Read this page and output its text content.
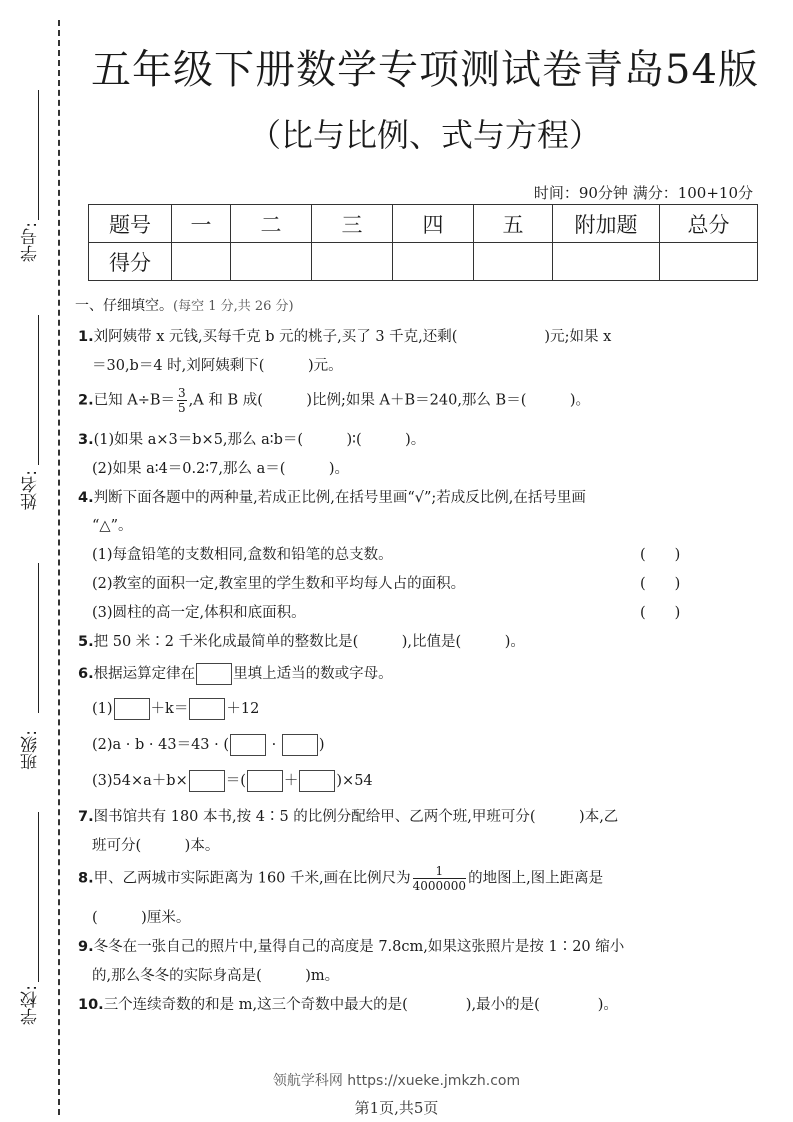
学号:
姓名:
班级:
学校:
五年级下册数学专项测试卷青岛54版
（比与比例、式与方程）
时间：90分钟 满分：100+10分
题号	一	二	三	四	五	附加题	总分
得分							
一、仔细填空。(每空 1 分,共 26 分)
1.刘阿姨带 x 元钱,买每千克 b 元的桃子,买了 3 千克,还剩(　　　　　　)元;如果 x
＝30,b＝4 时,刘阿姨剩下(　　　)元。
2.已知 $A\div B= \frac{3}{5} ,A$ 和 B 成(　　　)比例;如果 A＋B＝240,那么 B＝(　　　)。
3.(1)如果 a×3＝b×5,那么 a∶b＝(　　　)∶(　　　)。
(2)如果 a∶4＝0.2∶7,那么 a＝(　　　)。
4.判断下面各题中的两种量,若成正比例,在括号里画“√”;若成反比例,在括号里画
“△”。
(1)每盒铅笔的支数相同,盒数和铅笔的总支数。	(　　)
(2)教室的面积一定,教室里的学生数和平均每人占的面积。	(　　)
(3)圆柱的高一定,体积和底面积。	(　　)
5.把 50 米∶2 千米化成最简单的整数比是(　　　),比值是(　　　)。
6.根据运算定律在	里填上适当的数或字母。
(1)	＋k＝	＋12
(2)a · b · 43＝43 · (	·	)
(3)54×a＋b×	＝(	＋	)×54
7.图书馆共有 180 本书,按 4∶5 的比例分配给甲、乙两个班,甲班可分(　　　)本,乙
班可分(　　　)本。
8.甲、乙两城市实际距离为 160 千米,画在比例尺为 $\frac{1}{4000000}$ 的地图上,图上距离是
(　　　)厘米。
9.冬冬在一张自己的照片中,量得自己的高度是 7.8cm,如果这张照片是按 1∶20 缩小
的,那么冬冬的实际身高是(　　　)m。
10.三个连续奇数的和是 m,这三个奇数中最大的是(　　　　),最小的是(　　　　)。
领航学科网 https://xueke.jmkzh.com
第1页,共5页
